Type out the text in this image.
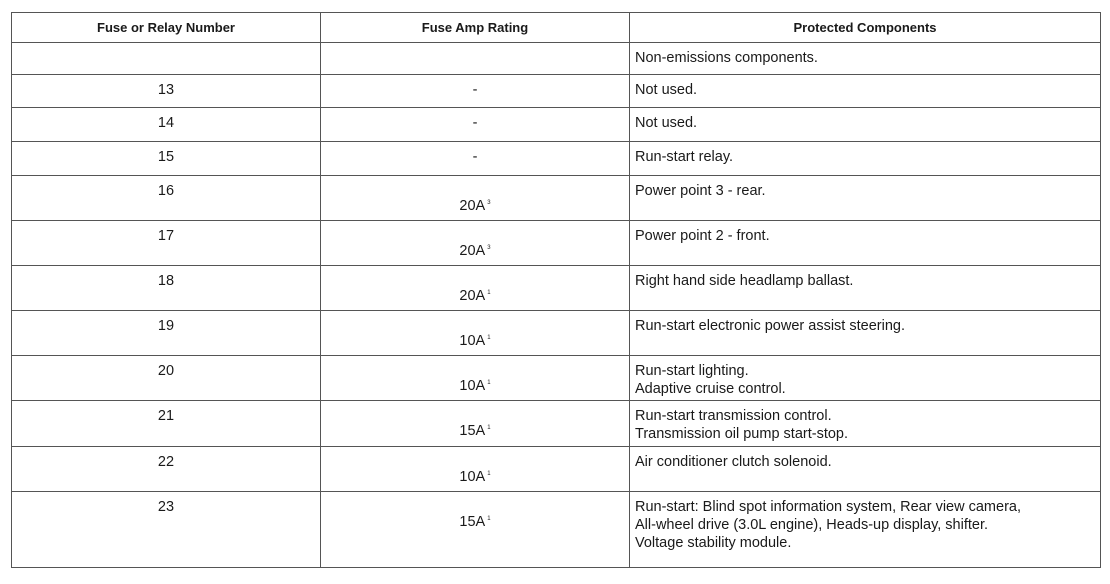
Fuse or Relay Number	Fuse Amp Rating	Protected Components

		Non-emissions components.

13	-	Not used.

14	-	Not used.

15	-	Run-start relay.

16	20A $^3$	Power point 3 - rear.

17	20A $^3$	Power point 2 - front.

18	20A $^1$	Right hand side headlamp ballast.

19	10A $^1$	Run-start electronic power assist steering.

20	10A $^1$	Run-start lighting.
Adaptive cruise control.

21	15A $^1$	Run-start transmission control.
Transmission oil pump start-stop.

22	10A $^1$	Air conditioner clutch solenoid.

23	15A $^1$	Run-start: Blind spot information system, Rear view camera,
All-wheel drive (3.0L engine), Heads-up display, shifter.
Voltage stability module.
